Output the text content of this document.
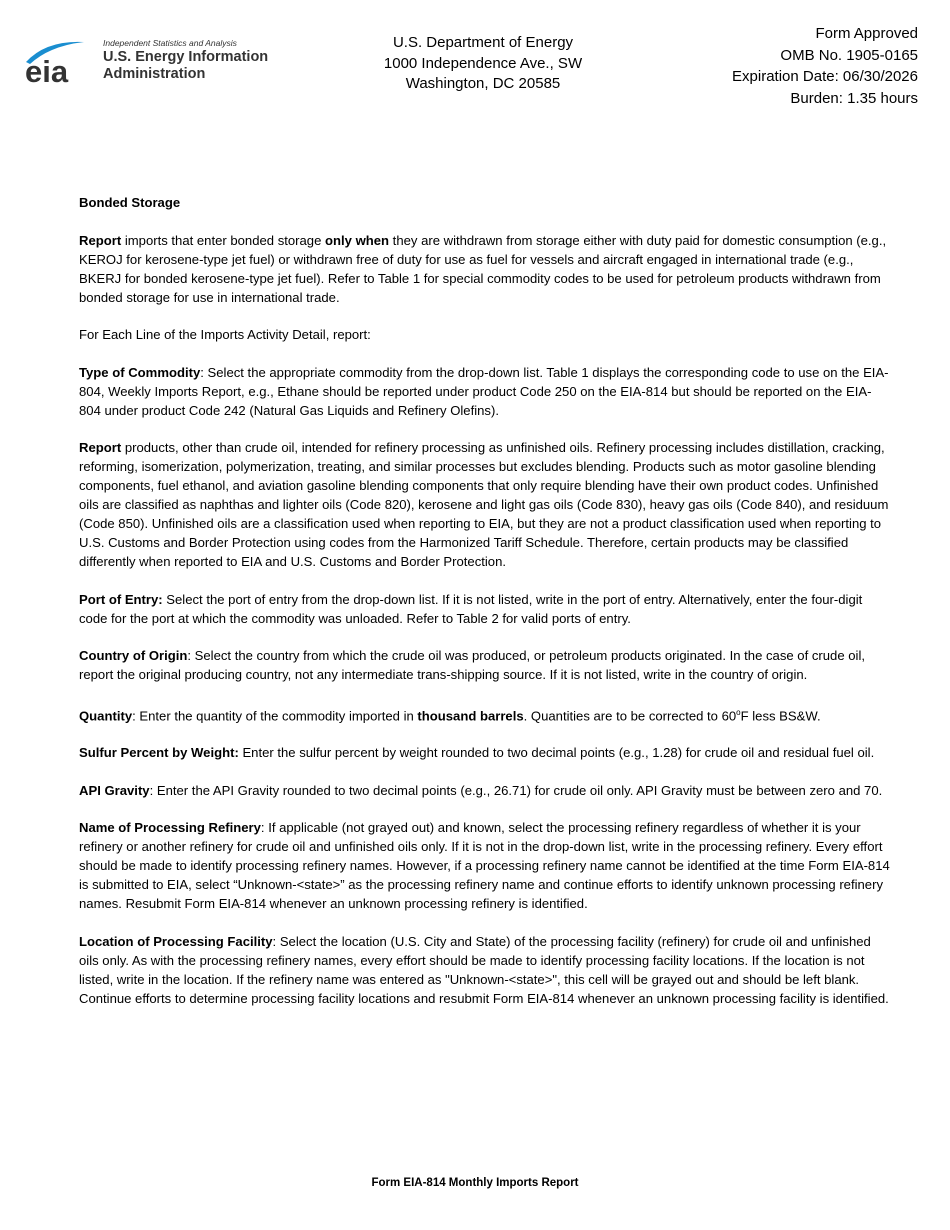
eia
Independent Statistics and Analysis
U.S. Energy Information
Administration
U.S. Department of Energy
1000 Independence Ave., SW
Washington, DC 20585
Form Approved
OMB No. 1905-0165
Expiration Date: 06/30/2026
Burden: 1.35 hours

Bonded Storage

Report imports that enter bonded storage only when they are withdrawn from storage either with duty paid for domestic consumption (e.g., KEROJ for kerosene-type jet fuel) or withdrawn free of duty for use as fuel for vessels and aircraft engaged in international trade (e.g., BKERJ for bonded kerosene-type jet fuel). Refer to Table 1 for special commodity codes to be used for petroleum products withdrawn from bonded storage for use in international trade.

For Each Line of the Imports Activity Detail, report:

Type of Commodity: Select the appropriate commodity from the drop-down list. Table 1 displays the corresponding code to use on the EIA-804, Weekly Imports Report, e.g., Ethane should be reported under product Code 250 on the EIA-814 but should be reported on the EIA-804 under product Code 242 (Natural Gas Liquids and Refinery Olefins).

Report products, other than crude oil, intended for refinery processing as unfinished oils. Refinery processing includes distillation, cracking, reforming, isomerization, polymerization, treating, and similar processes but excludes blending. Products such as motor gasoline blending components, fuel ethanol, and aviation gasoline blending components that only require blending have their own product codes. Unfinished oils are classified as naphthas and lighter oils (Code 820), kerosene and light gas oils (Code 830), heavy gas oils (Code 840), and residuum (Code 850). Unfinished oils are a classification used when reporting to EIA, but they are not a product classification used when reporting to U.S. Customs and Border Protection using codes from the Harmonized Tariff Schedule. Therefore, certain products may be classified differently when reported to EIA and U.S. Customs and Border Protection.

Port of Entry: Select the port of entry from the drop-down list. If it is not listed, write in the port of entry. Alternatively, enter the four-digit code for the port at which the commodity was unloaded. Refer to Table 2 for valid ports of entry.

Country of Origin: Select the country from which the crude oil was produced, or petroleum products originated. In the case of crude oil, report the original producing country, not any intermediate trans-shipping source. If it is not listed, write in the country of origin.

Quantity: Enter the quantity of the commodity imported in thousand barrels. Quantities are to be corrected to 60$^o$F less BS&W.

Sulfur Percent by Weight: Enter the sulfur percent by weight rounded to two decimal points (e.g., 1.28) for crude oil and residual fuel oil.

API Gravity: Enter the API Gravity rounded to two decimal points (e.g., 26.71) for crude oil only. API Gravity must be between zero and 70.

Name of Processing Refinery: If applicable (not grayed out) and known, select the processing refinery regardless of whether it is your refinery or another refinery for crude oil and unfinished oils only. If it is not in the drop-down list, write in the processing refinery. Every effort should be made to identify processing refinery names. However, if a processing refinery name cannot be identified at the time Form EIA-814 is submitted to EIA, select “Unknown-<state>” as the processing refinery name and continue efforts to identify unknown processing refinery names. Resubmit Form EIA-814 whenever an unknown processing refinery is identified.

Location of Processing Facility: Select the location (U.S. City and State) of the processing facility (refinery) for crude oil and unfinished oils only. As with the processing refinery names, every effort should be made to identify processing facility locations. If the location is not listed, write in the location. If the refinery name was entered as "Unknown-<state>", this cell will be grayed out and should be left blank. Continue efforts to determine processing facility locations and resubmit Form EIA-814 whenever an unknown processing facility is identified.

Form EIA-814 Monthly Imports Report
